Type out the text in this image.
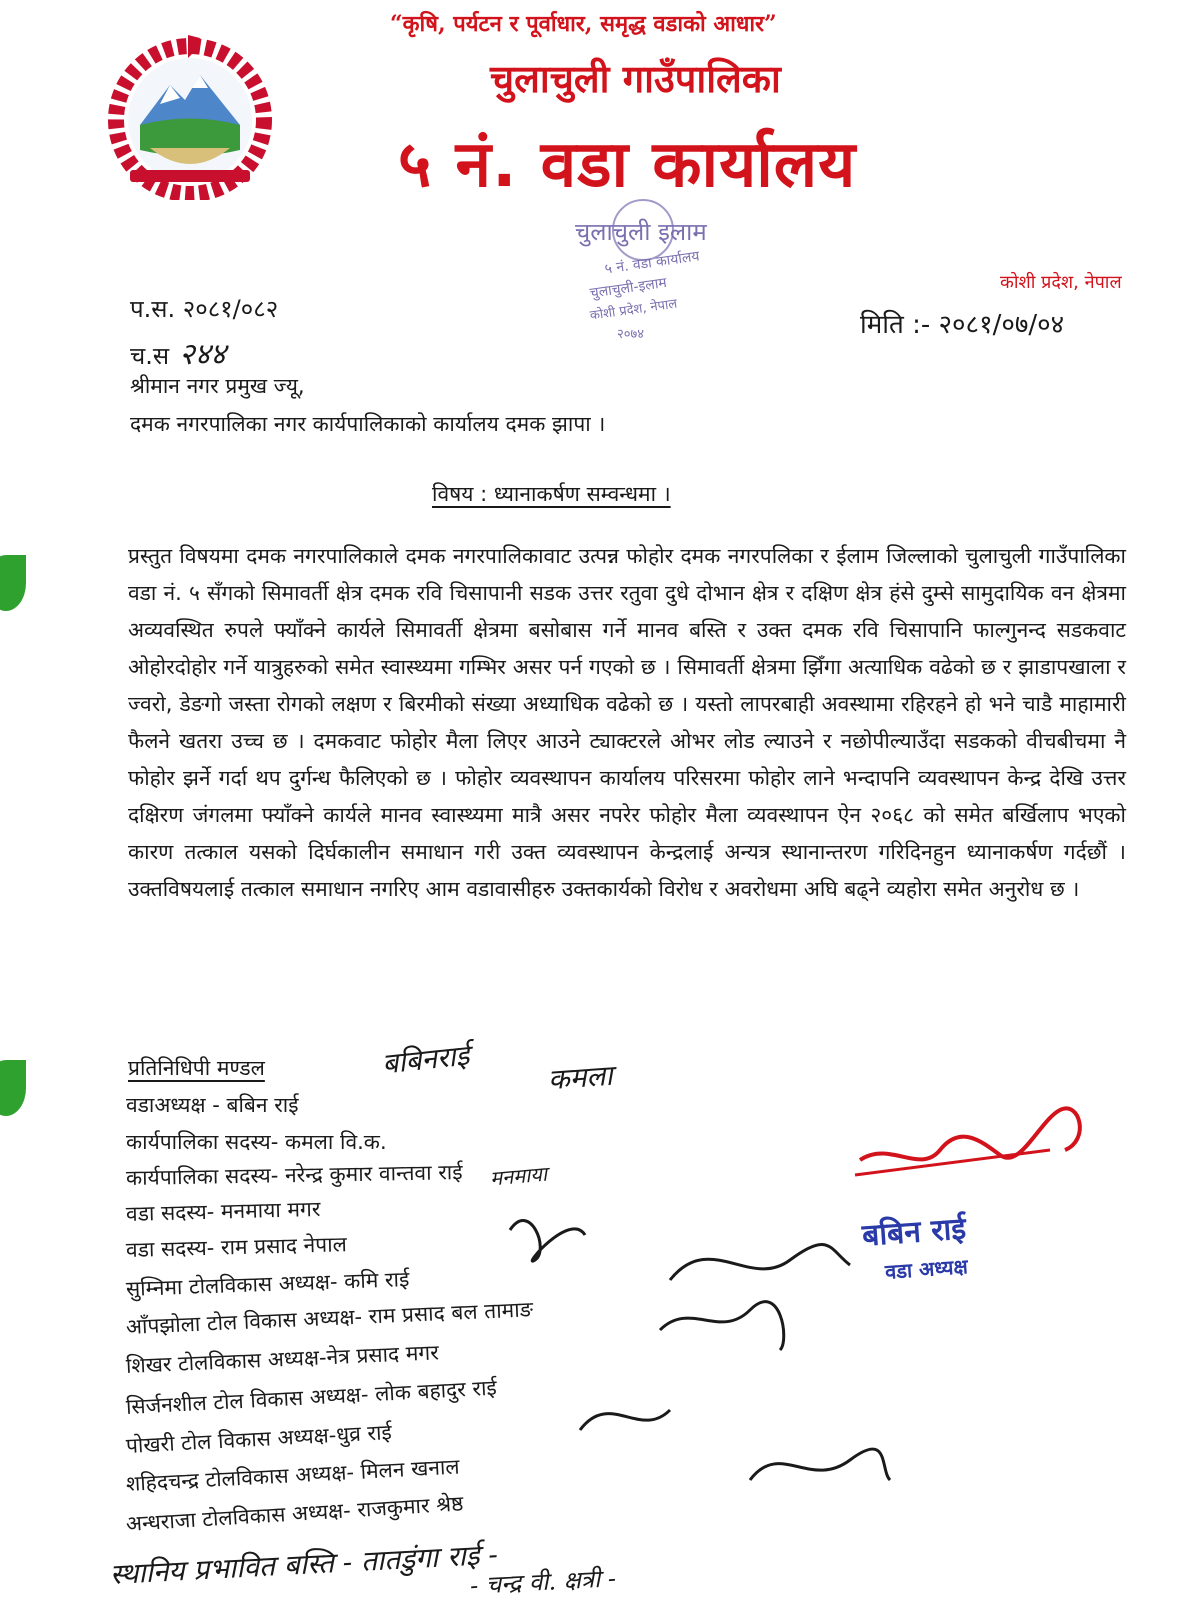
“कृषि, पर्यटन र पूर्वाधार, समृद्ध वडाको आधार”
चुलाचुली गाउँपालिका
५ नं. वडा कार्यालय
कोशी प्रदेश, नेपाल
चुलाचुली इलाम
५ नं. वडा कार्यालय
चुलाचुली-इलाम
कोशी प्रदेश, नेपाल
२०७४
प.स. २०८१/०८२
च.स २४४
मिति :- २०८१/०७/०४
श्रीमान नगर प्रमुख ज्यू,
दमक नगरपालिका नगर कार्यपालिकाको कार्यालय दमक झापा ।
विषय : ध्यानाकर्षण सम्वन्धमा ।
प्रस्तुत विषयमा दमक नगरपालिकाले दमक नगरपालिकावाट उत्पन्न फोहोर दमक नगरपलिका र ईलाम जिल्लाको चुलाचुली गाउँपालिका वडा नं. ५ सँगको सिमावर्ती क्षेत्र दमक रवि चिसापानी सडक उत्तर रतुवा दुधे दोभान क्षेत्र र दक्षिण क्षेत्र हंसे दुम्से सामुदायिक वन क्षेत्रमा अव्यवस्थित रुपले फ्याँक्ने कार्यले सिमावर्ती क्षेत्रमा बसोबास गर्ने मानव बस्ति र उक्त दमक रवि चिसापानि फाल्गुनन्द सडकवाट ओहोरदोहोर गर्ने यात्रुहरुको समेत स्वास्थ्यमा गम्भिर असर पर्न गएको छ । सिमावर्ती क्षेत्रमा झिँगा अत्याधिक वढेको छ र झाडापखाला र ज्वरो, डेङगो जस्ता रोगको लक्षण र बिरमीको संख्या अध्याधिक वढेको छ । यस्तो लापरबाही अवस्थामा रहिरहने हो भने चाडै माहामारी फैलने खतरा उच्च छ । दमकवाट फोहोर मैला लिएर आउने ट्याक्टरले ओभर लोड ल्याउने र नछोपील्याउँदा सडकको वीचबीचमा नै फोहोर झर्ने गर्दा थप दुर्गन्ध फैलिएको छ । फोहोर व्यवस्थापन कार्यालय परिसरमा फोहोर लाने भन्दापनि व्यवस्थापन केन्द्र देखि उत्तर दक्षिरण जंगलमा फ्याँक्ने कार्यले मानव स्वास्थ्यमा मात्रै असर नपरेर फोहोर मैला व्यवस्थापन ऐन २०६८ को समेत बर्खिलाप भएको कारण तत्काल यसको दिर्घकालीन समाधान गरी उक्त व्यवस्थापन केन्द्रलाई अन्यत्र स्थानान्तरण गरिदिनहुन ध्यानाकर्षण गर्दछौं । उक्तविषयलाई तत्काल समाधान नगरिए आम वडावासीहरु उक्तकार्यको विरोध र अवरोधमा अघि बढ्ने व्यहोरा समेत अनुरोध छ ।
प्रतिनिधिपी मण्डल
वडाअध्यक्ष - बबिन राई
कार्यपालिका सदस्य- कमला वि.क.
कार्यपालिका सदस्य- नरेन्द्र कुमार वान्तवा राई
वडा सदस्य- मनमाया मगर
वडा सदस्य- राम प्रसाद नेपाल
सुम्निमा टोलविकास अध्यक्ष- कमि राई
आँपझोला टोल विकास अध्यक्ष- राम प्रसाद बल तामाङ
शिखर टोलविकास अध्यक्ष-नेत्र प्रसाद मगर
सिर्जनशील टोल विकास अध्यक्ष- लोक बहादुर राई
पोखरी टोल विकास अध्यक्ष-धुव्र राई
शहिदचन्द्र टोलविकास अध्यक्ष- मिलन खनाल
अन्धराजा टोलविकास अध्यक्ष- राजकुमार श्रेष्ठ
स्थानिय प्रभावित बस्ति - तातडुंगा राई -
- चन्द्र वी. क्षत्री -
बबिनराई	कमला
मनमाया
बबिन राई
वडा अध्यक्ष
